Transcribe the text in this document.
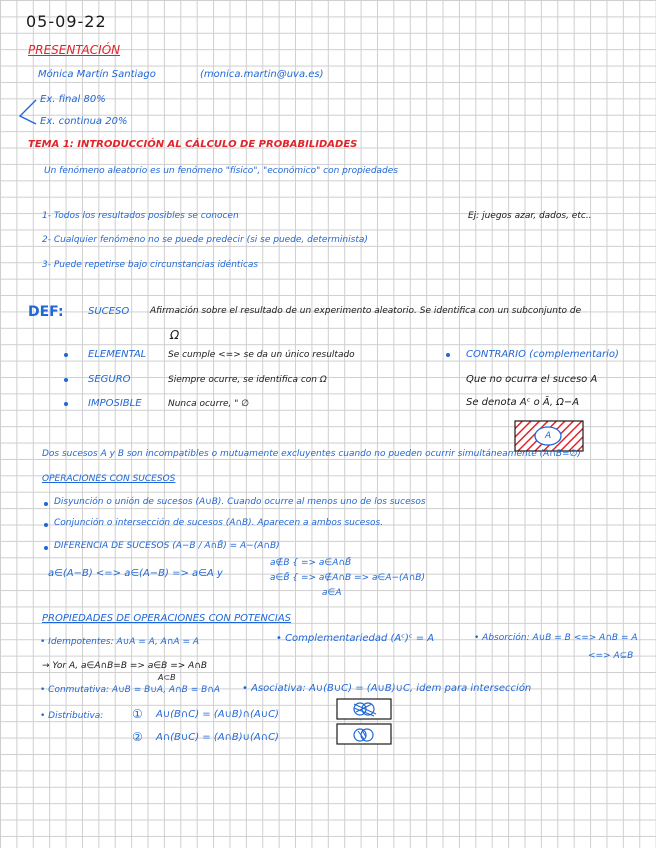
05-09-22
PRESENTACIÓN
Mónica Martín Santiago	(monica.martin@uva.es)
Ex. final 80%
Ex. continua 20%
TEMA 1: INTRODUCCIÓN AL CÁLCULO DE PROBABILIDADES
Un fenómeno aleatorio es un fenómeno "físico", "económico" con propiedades
1- Todos los resultados posibles se conocen
2- Cualquier fenómeno no se puede predecir (si se puede, determinista)
3- Puede repetirse bajo circunstancias idénticas
Ej: juegos azar, dados, etc..
DEF: SUCESO Afirmación sobre el resultado de un experimento aleatorio. Se identifica con un subconjunto de
Ω
ELEMENTAL Se cumple <=> se da un único resultado
SEGURO	Siempre ocurre, se identifica con Ω
IMPOSIBLE	Nunca ocurre, " ∅
CONTRARIO (complementario)
Que no ocurra el suceso A
Se denota Aᶜ o Ā, Ω−A
A
Dos sucesos A y B son incompatibles o mutuamente excluyentes cuando no pueden ocurrir simultáneamente (A∩B=∅)
OPERACIONES CON SUCESOS
Disyunción o unión de sucesos (A∪B). Cuando ocurre al menos uno de los sucesos
Conjunción o intersección de sucesos (A∩B). Aparecen a ambos sucesos.
DIFERENCIA DE SUCESOS (A−B / A∩B̄) = A−(A∩B)
a∈(A−B) <=> a∈(A−B) => a∈A y
a∉B { => a∈A∩B̄
a∈B̄ { => a∉A∩B => a∈A−(A∩B)
a∈A
PROPIEDADES DE OPERACIONES CON POTENCIAS
• Idempotentes: A∪A = A, A∩A = A	• Complementariedad (Aᶜ)ᶜ = A	• Absorción: A∪B = B <=> A∩B = A
<=> A⊆B
→ Yor A, a∈A∩B=B => a∈B => A∩B
A⊂B
• Conmutativa: A∪B = B∪A, A∩B = B∩A • Asociativa: A∪(B∪C) = (A∪B)∪C, idem para intersección
• Distributiva: ① A∪(B∩C) = (A∪B)∩(A∪C)
② A∩(B∪C) = (A∩B)∪(A∩C)
